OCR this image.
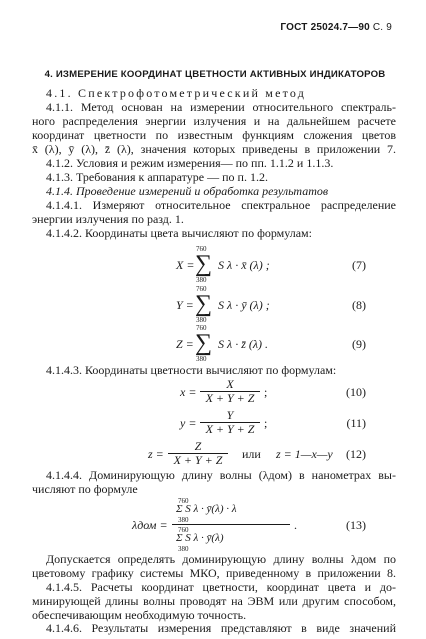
ГОСТ 25024.7—90 С. 9
4. ИЗМЕРЕНИЕ КООРДИНАТ ЦВЕТНОСТИ АКТИВНЫХ ИНДИКАТОРОВ
4.1. Спектрофотометрический метод
4.1.1. Метод основан на измерении относительного спектраль-
ного распределения энергии излучения и на дальнейшем расчете
координат цветности по известным функциям сложения цветов
x̄ (λ), ȳ (λ), z̄ (λ), значения которых приведены в приложении 7.
4.1.2. Условия и режим измерения— по пп. 1.1.2 и 1.1.3.
4.1.3. Требования к аппаратуре — по п. 1.2.
4.1.4. Проведение измерений и обработка результатов
4.1.4.1. Измеряют относительное спектральное распределение
энергии излучения по разд. 1.
4.1.4.2. Координаты цвета вычисляют по формулам:
X =
760
∑
380
S λ · x̄ (λ) ;	(7)
Y =
760
∑
380
S λ · ȳ (λ) ;	(8)
Z =
760
∑
380
S λ · z̄ (λ) .	(9)
4.1.4.3. Координаты цветности вычисляют по формулам:
$x = \frac{X}{X + Y + Z}$ ;	(10)
$y = \frac{Y}{X + Y + Z}$ ;	(11)
$z = \frac{Z}{X + Y + Z}$ или z = 1—x—y (12)
4.1.4.4. Доминирующую длину волны (λдом) в нанометрах вы-
числяют по формуле
λдом =
760
Σ S λ · ȳ(λ) · λ
380
760
Σ S λ · ȳ(λ)
380
.	(13)
Допускается определять доминирующую длину волны λдом по
цветовому графику системы МКО, приведенному в приложении 8.
4.1.4.5. Расчеты координат цветности, координат цвета и до-
минирующей длины волны проводят на ЭВМ или другим способом,
обеспечивающим необходимую точность.
4.1.4.6. Результаты измерения представляют в виде значений
